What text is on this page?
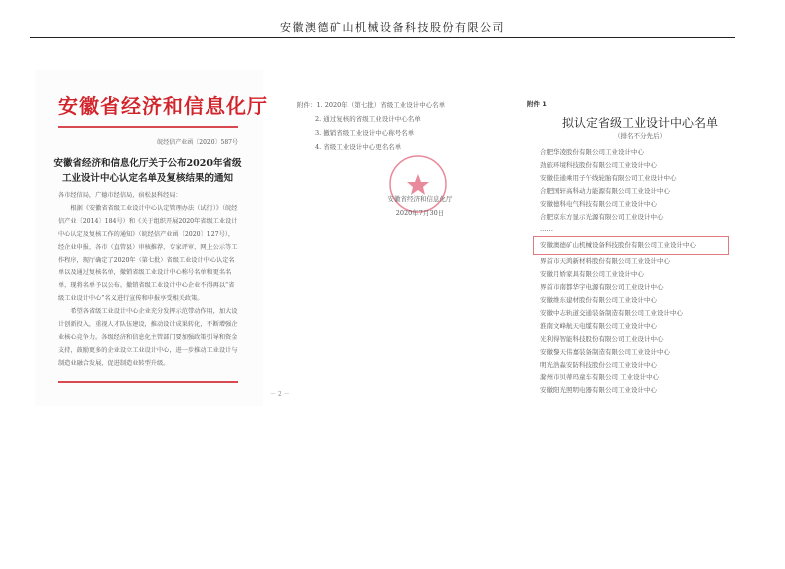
安徽澳德矿山机械设备科技股份有限公司
安徽省经济和信息化厅
皖经信产业函〔2020〕587号
安徽省经济和信息化厅关于公布2020年省级
工业设计中心认定名单及复核结果的通知

各市经信局，广德市经信局，宿松县科经局：

根据《安徽省省级工业设计中心认定管理办法（试行）》（皖经信产业〔2014〕184号）和《关于组织开展2020年省级工业设计中心认定及复核工作的通知》（皖经信产业函〔2020〕127号），经企业申报、各市（直管县）审核推荐、专家评审、网上公示等工作程序，现厅确定了2020年（第七批）省级工业设计中心认定名单以及通过复核名单，撤销省级工业设计中心称号名单和更名名单，现将名单予以公布。撤销省级工业设计中心企业不得再以“省级工业设计中心”名义进行宣传和申报享受相关政策。

希望各省级工业设计中心企业充分发挥示范带动作用，加大设计创新投入，重视人才队伍建设，推动设计成果转化，不断增强企业核心竞争力。各级经济和信息化主管部门要加强政策引导和资金支持，鼓励更多的企业设立工业设计中心，进一步推动工业设计与制造业融合发展，促进制造业转型升级。

附件：1. 2020年（第七批）省级工业设计中心名单
2. 通过复核的省级工业设计中心名单
3. 撤销省级工业设计中心称号名单
4. 省级工业设计中心更名名单
安徽省经济和信息化厅
2020年7月30日
－ 2 －
附件 1
拟认定省级工业设计中心名单
（排名不分先后）
合肥华凌股份有限公司工业设计中心
劲旅环境科技股份有限公司工业设计中心
安徽佳通乘用子午线轮胎有限公司工业设计中心
合肥国轩高科动力能源有限公司工业设计中心
安徽德科电气科技有限公司工业设计中心
合肥京东方显示光源有限公司工业设计中心
……
安徽澳德矿山机械设备科技股份有限公司工业设计中心
界首市天鸿新材料股份有限公司工业设计中心
安徽月娇家具有限公司工业设计中心
界首市南都华宇电源有限公司工业设计中心
安徽维东建材股份有限公司工业设计中心
安徽中志轨道交通装备制造有限公司工业设计中心
淮南文峰航天电缆有限公司工业设计中心
光利得智能科技股份有限公司工业设计中心
安徽黎天伟嘉装备制造有限公司工业设计中心
明光浩淼安防科技股份公司工业设计中心
滁州市贝蒂玛童车有限公司 工业设计中心
安徽阳光照明电器有限公司工业设计中心
